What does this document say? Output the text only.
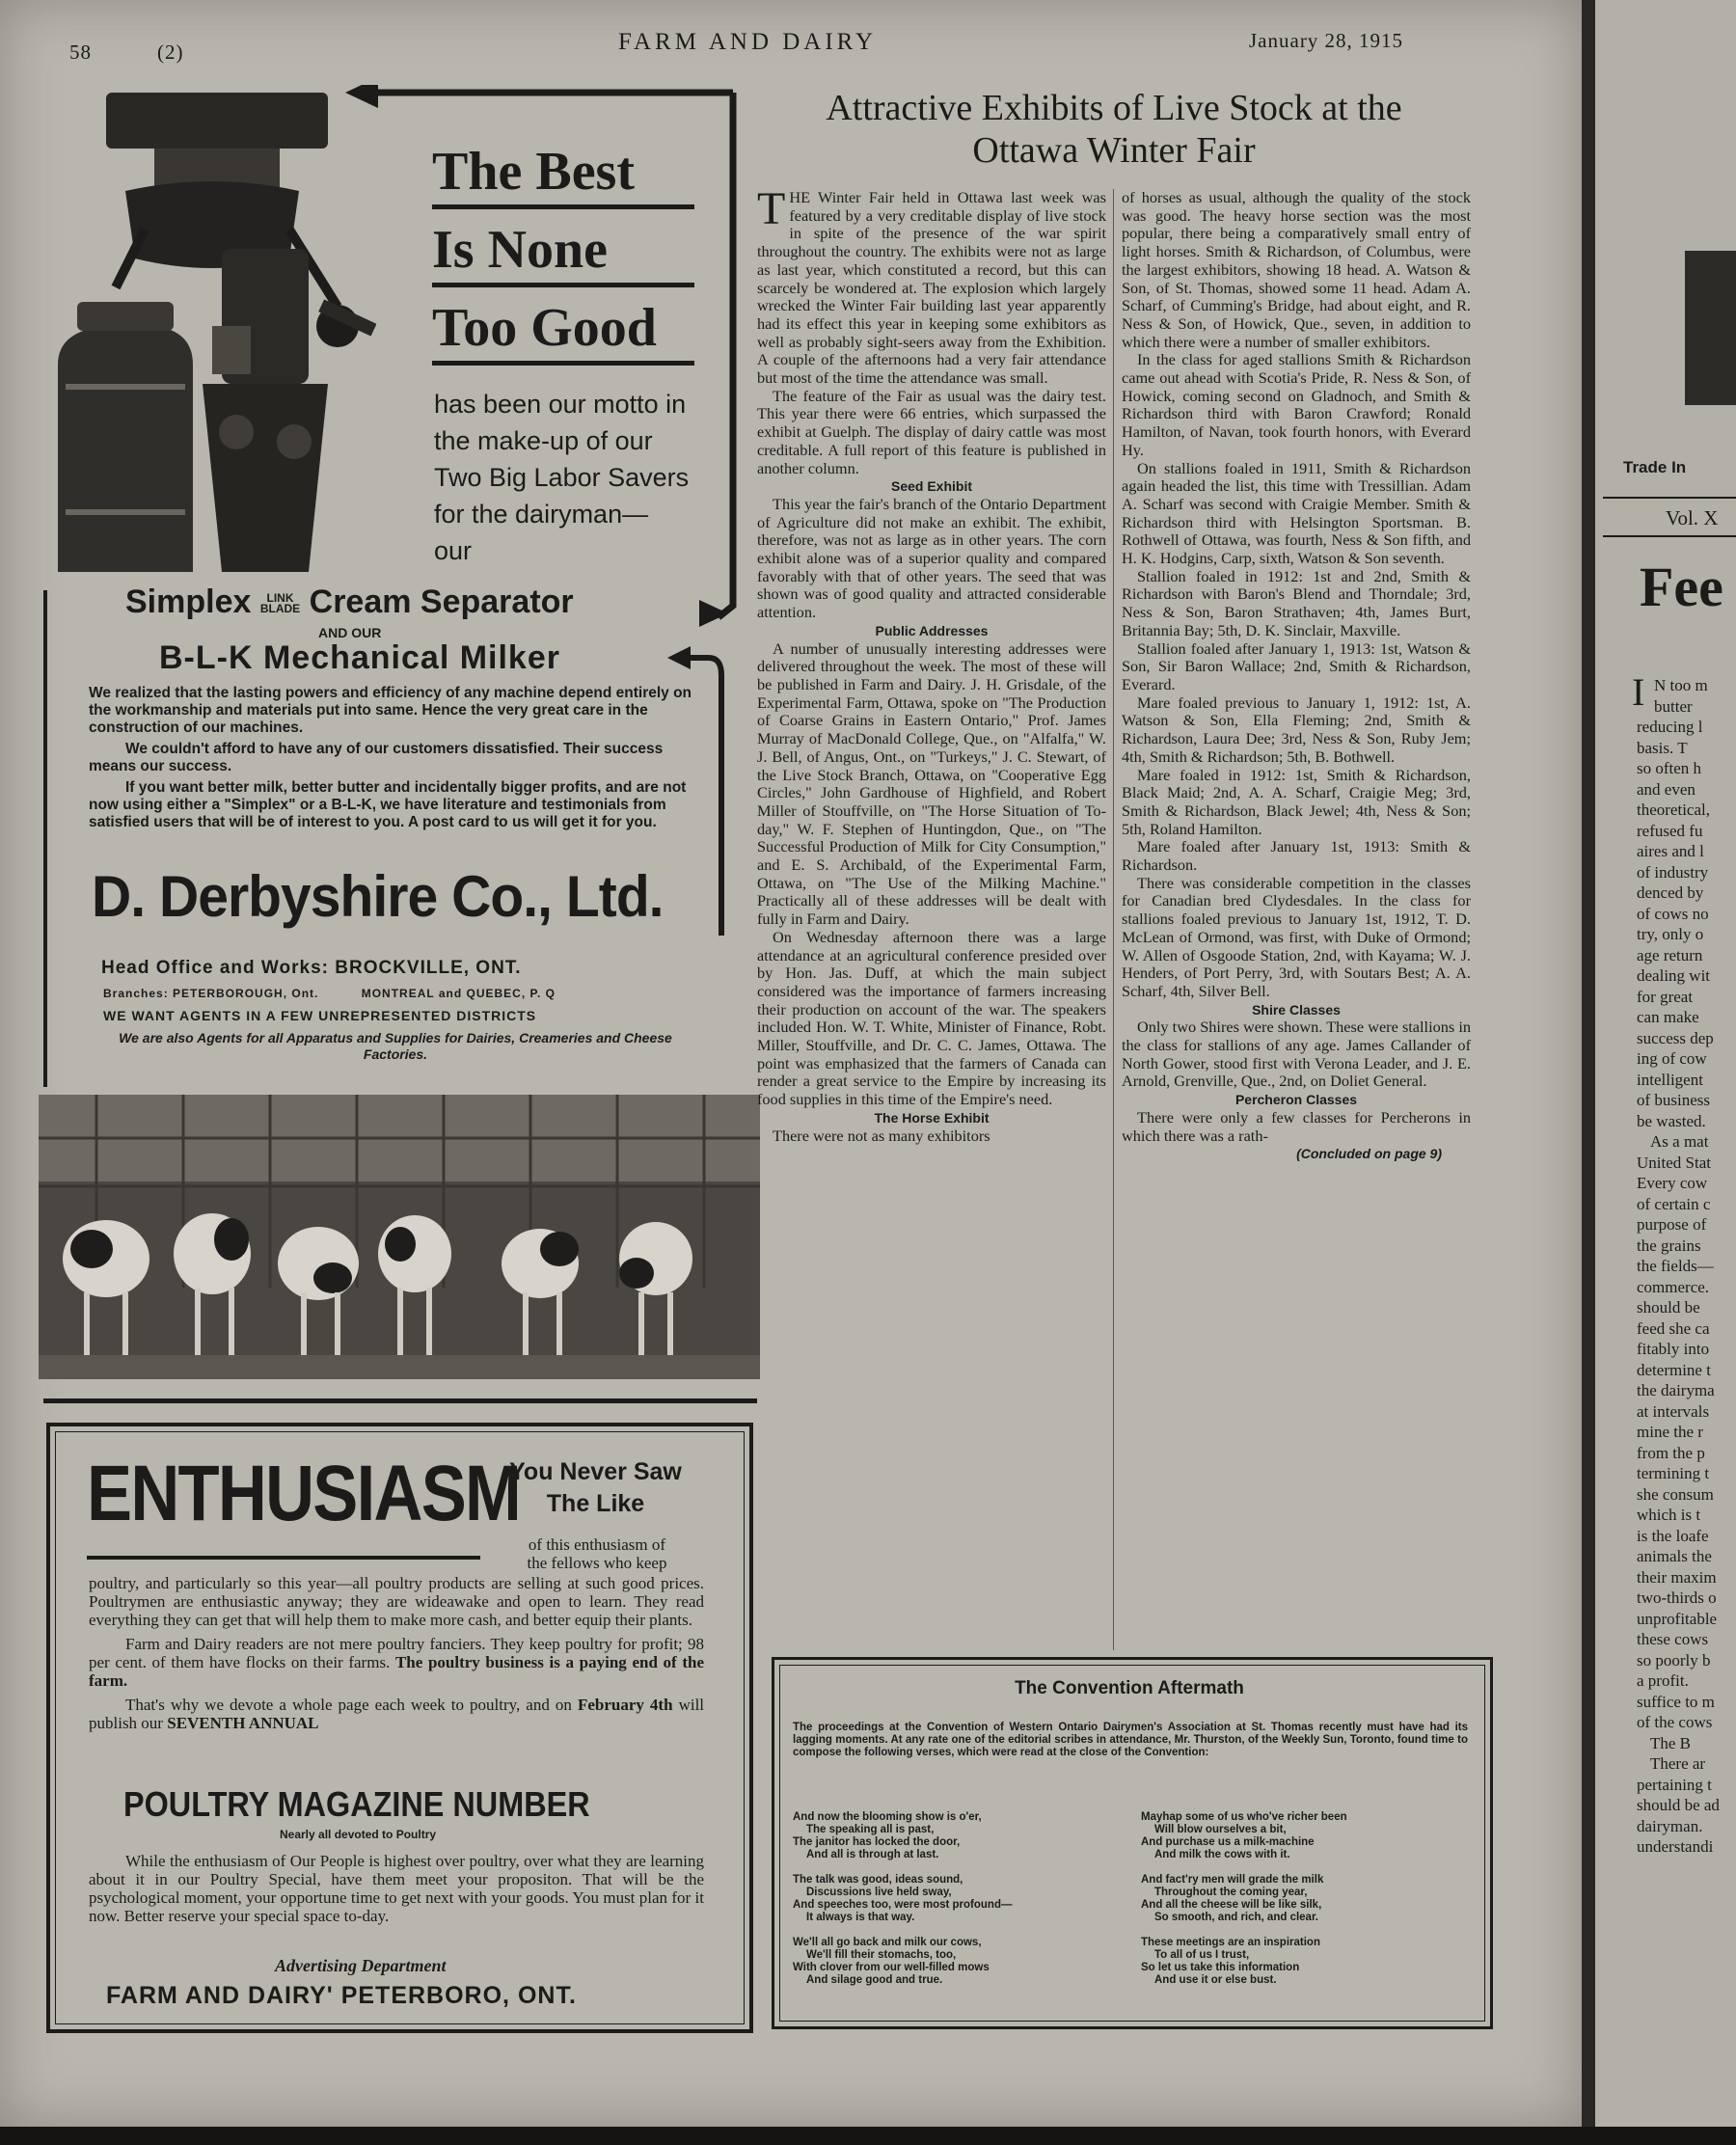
58	(2)	FARM AND DAIRY	January 28, 1915
The Best
Is None
Too Good
has been our motto in
the make-up of our
Two Big Labor Savers
for the dairyman—
our
Simplex LINK
BLADE Cream Separator
AND OUR
B-L-K Mechanical Milker

We realized that the lasting powers and efficiency of any machine depend entirely on the workmanship and materials put into same. Hence the very great care in the construction of our machines.

We couldn't afford to have any of our customers dissatisfied. Their success means our success.

If you want better milk, better butter and incidentally bigger profits, and are not now using either a "Simplex" or a B-L-K, we have literature and testimonials from satisfied users that will be of interest to you. A post card to us will get it for you.

D. Derbyshire Co., Ltd.
Head Office and Works: BROCKVILLE, ONT.
Branches: PETERBOROUGH, Ont.	MONTREAL and QUEBEC, P. Q
WE WANT AGENTS IN A FEW UNREPRESENTED DISTRICTS
We are also Agents for all Apparatus and Supplies for Dairies, Creameries and Cheese Factories.
ENTHUSIASM
You Never Saw The Like
of this enthusiasm of
the fellows who keep

poultry, and particularly so this year—all poultry products are selling at such good prices. Poultrymen are enthusiastic anyway; they are wideawake and open to learn. They read everything they can get that will help them to make more cash, and better equip their plants.

Farm and Dairy readers are not mere poultry fanciers. They keep poultry for profit; 98 per cent. of them have flocks on their farms. The poultry business is a paying end of the farm.

That's why we devote a whole page each week to poultry, and on February 4th will publish our SEVENTH ANNUAL

POULTRY MAGAZINE NUMBER
Nearly all devoted to Poultry

While the enthusiasm of Our People is highest over poultry, over what they are learning about it in our Poultry Special, have them meet your propositon. That will be the psychological moment, your opportune time to get next with your goods. You must plan for it now. Better reserve your special space to-day.

Advertising Department
FARM AND DAIRY' PETERBORO, ONT.
Attractive Exhibits of Live Stock at the
Ottawa Winter Fair

THE Winter Fair held in Ottawa last week was featured by a very creditable display of live stock in spite of the presence of the war spirit throughout the country. The exhibits were not as large as last year, which constituted a record, but this can scarcely be wondered at. The explosion which largely wrecked the Winter Fair building last year apparently had its effect this year in keeping some exhibitors as well as probably sight-seers away from the Exhibition. A couple of the afternoons had a very fair attendance but most of the time the attendance was small.

The feature of the Fair as usual was the dairy test. This year there were 66 entries, which surpassed the exhibit at Guelph. The display of dairy cattle was most creditable. A full report of this feature is published in another column.

Seed Exhibit

This year the fair's branch of the Ontario Department of Agriculture did not make an exhibit. The exhibit, therefore, was not as large as in other years. The corn exhibit alone was of a superior quality and compared favorably with that of other years. The seed that was shown was of good quality and attracted considerable attention.

Public Addresses

A number of unusually interesting addresses were delivered throughout the week. The most of these will be published in Farm and Dairy. J. H. Grisdale, of the Experimental Farm, Ottawa, spoke on "The Production of Coarse Grains in Eastern Ontario," Prof. James Murray of MacDonald College, Que., on "Alfalfa," W. J. Bell, of Angus, Ont., on "Turkeys," J. C. Stewart, of the Live Stock Branch, Ottawa, on "Cooperative Egg Circles," John Gardhouse of Highfield, and Robert Miller of Stouffville, on "The Horse Situation of To-day," W. F. Stephen of Huntingdon, Que., on "The Successful Production of Milk for City Consumption," and E. S. Archibald, of the Experimental Farm, Ottawa, on "The Use of the Milking Machine." Practically all of these addresses will be dealt with fully in Farm and Dairy.

On Wednesday afternoon there was a large attendance at an agricultural conference presided over by Hon. Jas. Duff, at which the main subject considered was the importance of farmers increasing their production on account of the war. The speakers included Hon. W. T. White, Minister of Finance, Robt. Miller, Stouffville, and Dr. C. C. James, Ottawa. The point was emphasized that the farmers of Canada can render a great service to the Empire by increasing its food supplies in this time of the Empire's need.

The Horse Exhibit

There were not as many exhibitors

of horses as usual, although the quality of the stock was good. The heavy horse section was the most popular, there being a comparatively small entry of light horses. Smith & Richardson, of Columbus, were the largest exhibitors, showing 18 head. A. Watson & Son, of St. Thomas, showed some 11 head. Adam A. Scharf, of Cumming's Bridge, had about eight, and R. Ness & Son, of Howick, Que., seven, in addition to which there were a number of smaller exhibitors.

In the class for aged stallions Smith & Richardson came out ahead with Scotia's Pride, R. Ness & Son, of Howick, coming second on Gladnoch, and Smith & Richardson third with Baron Crawford; Ronald Hamilton, of Navan, took fourth honors, with Everard Hy.

On stallions foaled in 1911, Smith & Richardson again headed the list, this time with Tressillian. Adam A. Scharf was second with Craigie Member. Smith & Richardson third with Helsington Sportsman. B. Rothwell of Ottawa, was fourth, Ness & Son fifth, and H. K. Hodgins, Carp, sixth, Watson & Son seventh.

Stallion foaled in 1912: 1st and 2nd, Smith & Richardson with Baron's Blend and Thorndale; 3rd, Ness & Son, Baron Strathaven; 4th, James Burt, Britannia Bay; 5th, D. K. Sinclair, Maxville.

Stallion foaled after January 1, 1913: 1st, Watson & Son, Sir Baron Wallace; 2nd, Smith & Richardson, Everard.

Mare foaled previous to January 1, 1912: 1st, A. Watson & Son, Ella Fleming; 2nd, Smith & Richardson, Laura Dee; 3rd, Ness & Son, Ruby Jem; 4th, Smith & Richardson; 5th, B. Bothwell.

Mare foaled in 1912: 1st, Smith & Richardson, Black Maid; 2nd, A. A. Scharf, Craigie Meg; 3rd, Smith & Richardson, Black Jewel; 4th, Ness & Son; 5th, Roland Hamilton.

Mare foaled after January 1st, 1913: Smith & Richardson.

There was considerable competition in the classes for Canadian bred Clydesdales. In the class for stallions foaled previous to January 1st, 1912, T. D. McLean of Ormond, was first, with Duke of Ormond; W. Allen of Osgoode Station, 2nd, with Kayama; W. J. Henders, of Port Perry, 3rd, with Soutars Best; A. A. Scharf, 4th, Silver Bell.

Shire Classes

Only two Shires were shown. These were stallions in the class for stallions of any age. James Callander of North Gower, stood first with Verona Leader, and J. E. Arnold, Grenville, Que., 2nd, on Doliet General.

Percheron Classes

There were only a few classes for Percherons in which there was a rath-

(Concluded on page 9)
The Convention Aftermath
The proceedings at the Convention of Western Ontario Dairymen's Association at St. Thomas recently must have had its lagging moments. At any rate one of the editorial scribes in attendance, Mr. Thurston, of the Weekly Sun, Toronto, found time to compose the following verses, which were read at the close of the Convention:
And now the blooming show is o'er,
The speaking all is past,
The janitor has locked the door,
And all is through at last.
The talk was good, ideas sound,
Discussions live held sway,
And speeches too, were most profound—
It always is that way.
We'll all go back and milk our cows,
We'll fill their stomachs, too,
With clover from our well-filled mows
And silage good and true.
Mayhap some of us who've richer been
Will blow ourselves a bit,
And purchase us a milk-machine
And milk the cows with it.
And fact'ry men will grade the milk
Throughout the coming year,
And all the cheese will be like silk,
So smooth, and rich, and clear.
These meetings are an inspiration
To all of us I trust,
So let us take this information
And use it or else bust.
Trade In
Vol. X
Fee
I N too m
butter
reducing l
basis. T
so often h
and even
theoretical,
refused fu
aires and l
of industry
denced by
of cows no
try, only o
age return
dealing wit
for great
can make
success dep
ing of cow
intelligent
of business
be wasted.
As a mat
United Stat
Every cow
of certain c
purpose of
the grains
the fields—
commerce.
should be
feed she ca
fitably into
determine t
the dairyma
at intervals
mine the r
from the p
termining t
she consum
which is t
is the loafe
animals the
their maxim
two-thirds o
unprofitable
these cows
so poorly b
a profit.
suffice to m
of the cows
The B
There ar
pertaining t
should be ad
dairyman.
understandi
